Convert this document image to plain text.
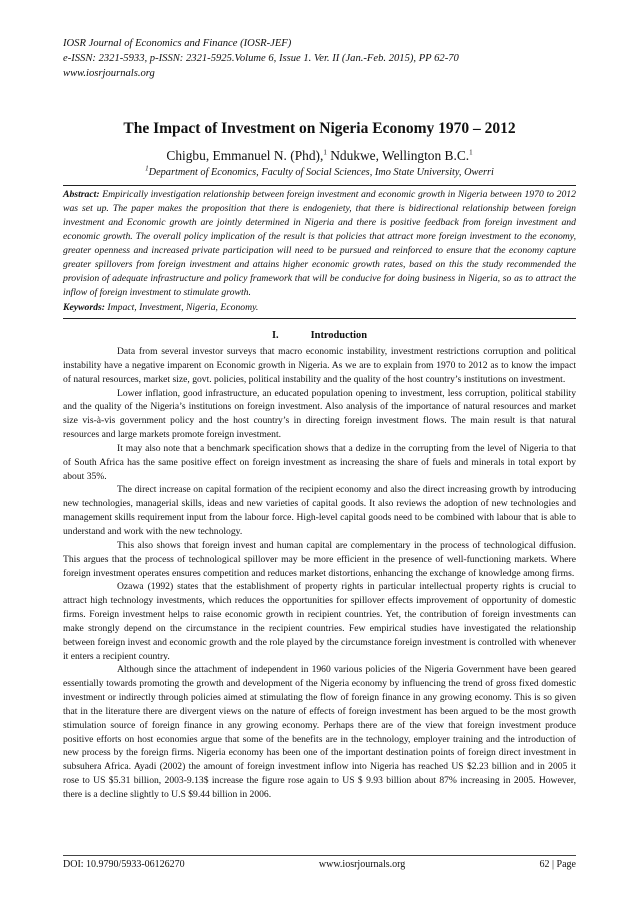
IOSR Journal of Economics and Finance (IOSR-JEF)
e-ISSN: 2321-5933, p-ISSN: 2321-5925.Volume 6, Issue 1. Ver. II (Jan.-Feb. 2015), PP 62-70
www.iosrjournals.org
The Impact of Investment on Nigeria Economy 1970 – 2012
Chigbu, Emmanuel N. (Phd),$^1$ Ndukwe, Wellington B.C.$^1$
$^1$Department of Economics, Faculty of Social Sciences, Imo State University, Owerri
Abstract: Empirically investigation relationship between foreign investment and economic growth in Nigeria between 1970 to 2012 was set up. The paper makes the proposition that there is endogeniety, that there is bidirectional relationship between foreign investment and Economic growth are jointly determined in Nigeria and there is positive feedback from foreign investment and economic growth. The overall policy implication of the result is that policies that attract more foreign investment to the economy, greater openness and increased private participation will need to be pursued and reinforced to ensure that the economy capture greater spillovers from foreign investment and attains higher economic growth rates, based on this the study recommended the provision of adequate infrastructure and policy framework that will be conducive for doing business in Nigeria, so as to attract the inflow of foreign investment to stimulate growth.
Keywords: Impact, Investment, Nigeria, Economy.
I.	Introduction

Data from several investor surveys that macro economic instability, investment restrictions corruption and political instability have a negative imparent on Economic growth in Nigeria. As we are to explain from 1970 to 2012 as to know the impact of natural resources, market size, govt. policies, political instability and the quality of the host country’s institutions on investment.

Lower inflation, good infrastructure, an educated population opening to investment, less corruption, political stability and the quality of the Nigeria’s institutions on foreign investment. Also analysis of the importance of natural resources and market size vis-à-vis government policy and the host country’s in directing foreign investment flows. The main result is that natural resources and large markets promote foreign investment.

It may also note that a benchmark specification shows that a dedize in the corrupting from the level of Nigeria to that of South Africa has the same positive effect on foreign investment as increasing the share of fuels and minerals in total export by about 35%.

The direct increase on capital formation of the recipient economy and also the direct increasing growth by introducing new technologies, managerial skills, ideas and new varieties of capital goods. It also reviews the adoption of new technologies and management skills requirement input from the labour force. High-level capital goods need to be combined with labour that is able to understand and work with the new technology.

This also shows that foreign invest and human capital are complementary in the process of technological diffusion. This argues that the process of technological spillover may be more efficient in the presence of well-functioning markets. Where foreign investment operates ensures competition and reduces market distortions, enhancing the exchange of knowledge among firms.

Ozawa (1992) states that the establishment of property rights in particular intellectual property rights is crucial to attract high technology investments, which reduces the opportunities for spillover effects improvement of opportunity of domestic firms. Foreign investment helps to raise economic growth in recipient countries. Yet, the contribution of foreign investments can make strongly depend on the circumstance in the recipient countries. Few empirical studies have investigated the relationship between foreign invest and economic growth and the role played by the circumstance foreign investment is controlled with whenever it enters a recipient country.

Although since the attachment of independent in 1960 various policies of the Nigeria Government have been geared essentially towards promoting the growth and development of the Nigeria economy by influencing the trend of gross fixed domestic investment or indirectly through policies aimed at stimulating the flow of foreign finance in any growing economy. This is so given that in the literature there are divergent views on the nature of effects of foreign investment has been argued to be the most growth stimulation source of foreign finance in any growing economy. Perhaps there are of the view that foreign investment produce positive efforts on host economies argue that some of the benefits are in the technology, employer training and the introduction of new process by the foreign firms. Nigeria economy has been one of the important destination points of foreign direct investment in subsuhera Africa. Ayadi (2002) the amount of foreign investment inflow into Nigeria has reached US $2.23 billion and in 2005 it rose to US $5.31 billion, 2003-9.13$ increase the figure rose again to US $ 9.93 billion about 87% increasing in 2005. However, there is a decline slightly to U.S $9.44 billion in 2006.

DOI: 10.9790/5933-06126270	www.iosrjournals.org	62 | Page
